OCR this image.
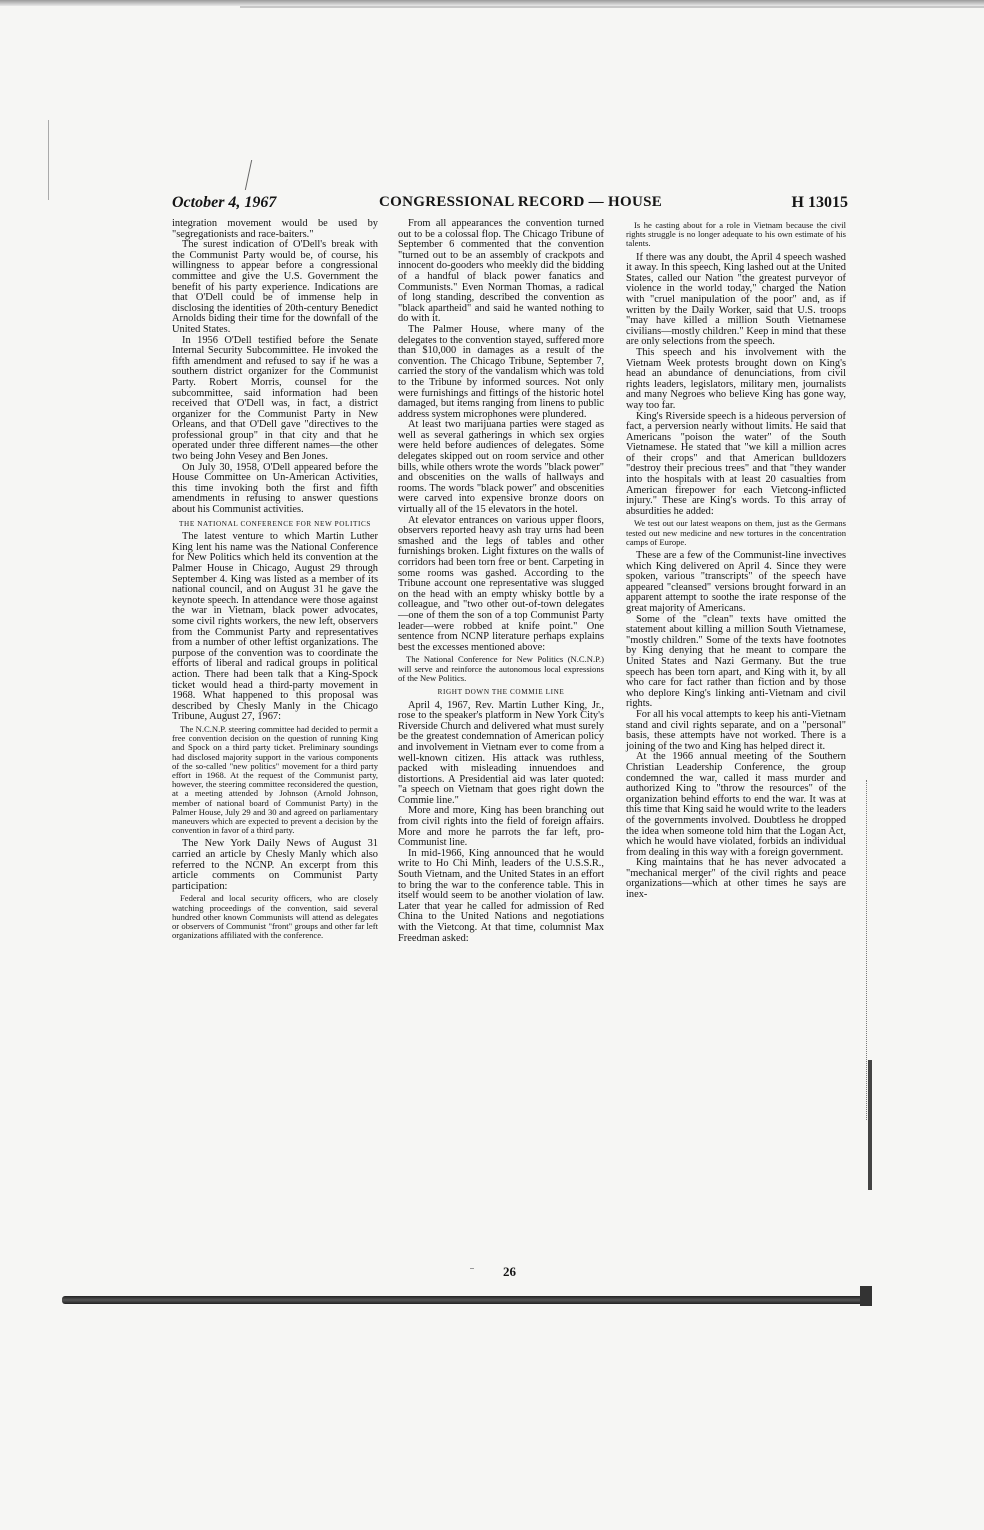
October 4, 1967	CONGRESSIONAL RECORD — HOUSE	H 13015

integration movement would be used by "segregationists and race-baiters."

The surest indication of O'Dell's break with the Communist Party would be, of course, his willingness to appear before a congressional committee and give the U.S. Government the benefit of his party experience. Indications are that O'Dell could be of immense help in disclosing the identities of 20th-century Benedict Arnolds biding their time for the downfall of the United States.

In 1956 O'Dell testified before the Senate Internal Security Subcommittee. He invoked the fifth amendment and refused to say if he was a southern district organizer for the Communist Party. Robert Morris, counsel for the subcommittee, said information had been received that O'Dell was, in fact, a district organizer for the Communist Party in New Orleans, and that O'Dell gave "directives to the professional group" in that city and that he operated under three different names—the other two being John Vesey and Ben Jones.

On July 30, 1958, O'Dell appeared before the House Committee on Un-American Activities, this time invoking both the first and fifth amendments in refusing to answer questions about his Communist activities.

THE NATIONAL CONFERENCE FOR NEW POLITICS

The latest venture to which Martin Luther King lent his name was the National Conference for New Politics which held its convention at the Palmer House in Chicago, August 29 through September 4. King was listed as a member of its national council, and on August 31 he gave the keynote speech. In attendance were those against the war in Vietnam, black power advocates, some civil rights workers, the new left, observers from the Communist Party and representatives from a number of other leftist organizations. The purpose of the convention was to coordinate the efforts of liberal and radical groups in political action. There had been talk that a King-Spock ticket would head a third-party movement in 1968. What happened to this proposal was described by Chesly Manly in the Chicago Tribune, August 27, 1967:

The N.C.N.P. steering committee had decided to permit a free convention decision on the question of running King and Spock on a third party ticket. Preliminary soundings had disclosed majority support in the various components of the so-called "new politics" movement for a third party effort in 1968. At the request of the Communist party, however, the steering committee reconsidered the question, at a meeting attended by Johnson (Arnold Johnson, member of national board of Communist Party) in the Palmer House, July 29 and 30 and agreed on parliamentary maneuvers which are expected to prevent a decision by the convention in favor of a third party.

The New York Daily News of August 31 carried an article by Chesly Manly which also referred to the NCNP. An excerpt from this article comments on Communist Party participation:

Federal and local security officers, who are closely watching proceedings of the convention, said several hundred other known Communists will attend as delegates or observers of Communist "front" groups and other far left organizations affiliated with the conference.

From all appearances the convention turned out to be a colossal flop. The Chicago Tribune of September 6 commented that the convention "turned out to be an assembly of crackpots and innocent do-gooders who meekly did the bidding of a handful of black power fanatics and Communists." Even Norman Thomas, a radical of long standing, described the convention as "black apartheid" and said he wanted nothing to do with it.

The Palmer House, where many of the delegates to the convention stayed, suffered more than $10,000 in damages as a result of the convention. The Chicago Tribune, September 7, carried the story of the vandalism which was told to the Tribune by informed sources. Not only were furnishings and fittings of the historic hotel damaged, but items ranging from linens to public address system microphones were plundered.

At least two marijuana parties were staged as well as several gatherings in which sex orgies were held before audiences of delegates. Some delegates skipped out on room service and other bills, while others wrote the words "black power" and obscenities on the walls of hallways and rooms. The words "black power" and obscenities were carved into expensive bronze doors on virtually all of the 15 elevators in the hotel.

At elevator entrances on various upper floors, observers reported heavy ash tray urns had been smashed and the legs of tables and other furnishings broken. Light fixtures on the walls of corridors had been torn free or bent. Carpeting in some rooms was gashed. According to the Tribune account one representative was slugged on the head with an empty whisky bottle by a colleague, and "two other out-of-town delegates—one of them the son of a top Communist Party leader—were robbed at knife point." One sentence from NCNP literature perhaps explains best the excesses mentioned above:

The National Conference for New Politics (N.C.N.P.) will serve and reinforce the autonomous local expressions of the New Politics.

RIGHT DOWN THE COMMIE LINE

April 4, 1967, Rev. Martin Luther King, Jr., rose to the speaker's platform in New York City's Riverside Church and delivered what must surely be the greatest condemnation of American policy and involvement in Vietnam ever to come from a well-known citizen. His attack was ruthless, packed with misleading innuendoes and distortions. A Presidential aid was later quoted: "a speech on Vietnam that goes right down the Commie line."

More and more, King has been branching out from civil rights into the field of foreign affairs. More and more he parrots the far left, pro-Communist line.

In mid-1966, King announced that he would write to Ho Chi Minh, leaders of the U.S.S.R., South Vietnam, and the United States in an effort to bring the war to the conference table. This in itself would seem to be another violation of law. Later that year he called for admission of Red China to the United Nations and negotiations with the Vietcong. At that time, columnist Max Freedman asked:

Is he casting about for a role in Vietnam because the civil rights struggle is no longer adequate to his own estimate of his talents.

If there was any doubt, the April 4 speech washed it away. In this speech, King lashed out at the United States, called our Nation "the greatest purveyor of violence in the world today," charged the Nation with "cruel manipulation of the poor" and, as if written by the Daily Worker, said that U.S. troops "may have killed a million South Vietnamese civilians—mostly children." Keep in mind that these are only selections from the speech.

This speech and his involvement with the Vietnam Week protests brought down on King's head an abundance of denunciations, from civil rights leaders, legislators, military men, journalists and many Negroes who believe King has gone way, way too far.

King's Riverside speech is a hideous perversion of fact, a perversion nearly without limits. He said that Americans "poison the water" of the South Vietnamese. He stated that "we kill a million acres of their crops" and that American bulldozers "destroy their precious trees" and that "they wander into the hospitals with at least 20 casualties from American firepower for each Vietcong-inflicted injury." These are King's words. To this array of absurdities he added:

We test out our latest weapons on them, just as the Germans tested out new medicine and new tortures in the concentration camps of Europe.

These are a few of the Communist-line invectives which King delivered on April 4. Since they were spoken, various "transcripts" of the speech have appeared "cleansed" versions brought forward in an apparent attempt to soothe the irate response of the great majority of Americans.

Some of the "clean" texts have omitted the statement about killing a million South Vietnamese, "mostly children." Some of the texts have footnotes by King denying that he meant to compare the United States and Nazi Germany. But the true speech has been torn apart, and King with it, by all who care for fact rather than fiction and by those who deplore King's linking anti-Vietnam and civil rights.

For all his vocal attempts to keep his anti-Vietnam stand and civil rights separate, and on a "personal" basis, these attempts have not worked. There is a joining of the two and King has helped direct it.

At the 1966 annual meeting of the Southern Christian Leadership Conference, the group condemned the war, called it mass murder and authorized King to "throw the resources" of the organization behind efforts to end the war. It was at this time that King said he would write to the leaders of the governments involved. Doubtless he dropped the idea when someone told him that the Logan Act, which he would have violated, forbids an individual from dealing in this way with a foreign government.

King maintains that he has never advocated a "mechanical merger" of the civil rights and peace organizations—which at other times he says are inex-

26
